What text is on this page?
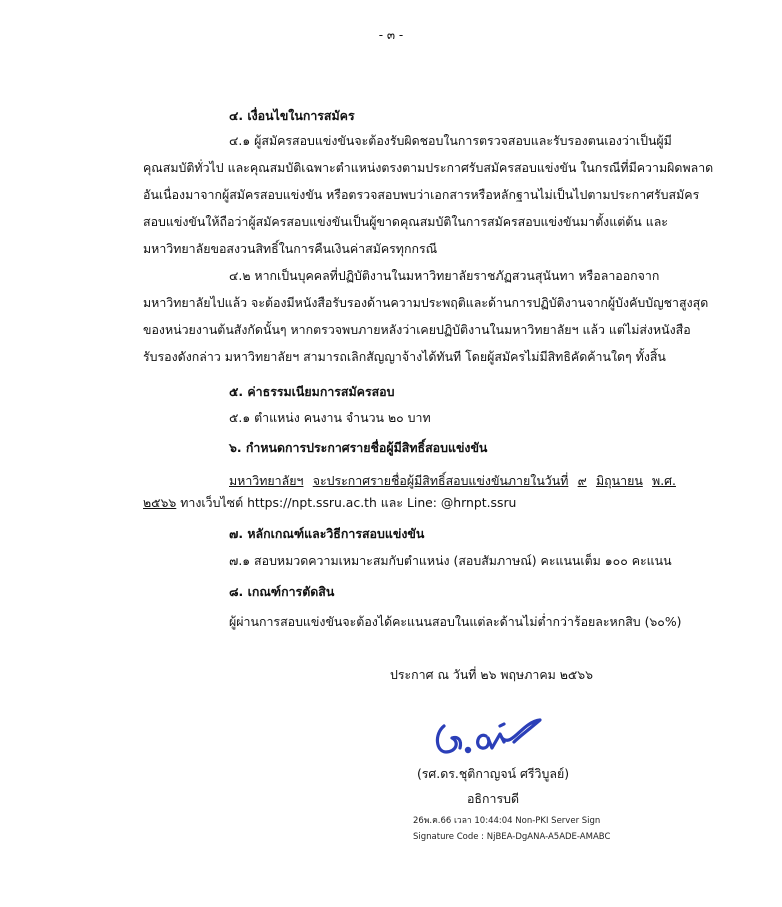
- ๓ -
๔. เงื่อนไขในการสมัคร
๔.๑ ผู้สมัครสอบแข่งขันจะต้องรับผิดชอบในการตรวจสอบและรับรองตนเองว่าเป็นผู้มี
คุณสมบัติทั่วไป และคุณสมบัติเฉพาะตำแหน่งตรงตามประกาศรับสมัครสอบแข่งขัน ในกรณีที่มีความผิดพลาด
อันเนื่องมาจากผู้สมัครสอบแข่งขัน หรือตรวจสอบพบว่าเอกสารหรือหลักฐานไม่เป็นไปตามประกาศรับสมัคร
สอบแข่งขันให้ถือว่าผู้สมัครสอบแข่งขันเป็นผู้ขาดคุณสมบัติในการสมัครสอบแข่งขันมาตั้งแต่ต้น และ
มหาวิทยาลัยขอสงวนสิทธิ์ในการคืนเงินค่าสมัครทุกกรณี
๔.๒ หากเป็นบุคคลที่ปฏิบัติงานในมหาวิทยาลัยราชภัฏสวนสุนันทา หรือลาออกจาก
มหาวิทยาลัยไปแล้ว จะต้องมีหนังสือรับรองด้านความประพฤติและด้านการปฏิบัติงานจากผู้บังคับบัญชาสูงสุด
ของหน่วยงานต้นสังกัดนั้นๆ หากตรวจพบภายหลังว่าเคยปฏิบัติงานในมหาวิทยาลัยฯ แล้ว แต่ไม่ส่งหนังสือ
รับรองดังกล่าว มหาวิทยาลัยฯ สามารถเลิกสัญญาจ้างได้ทันที โดยผู้สมัครไม่มีสิทธิคัดค้านใดๆ ทั้งสิ้น
๕. ค่าธรรมเนียมการสมัครสอบ
๕.๑ ตำแหน่ง คนงาน จำนวน ๒๐ บาท
๖. กำหนดการประกาศรายชื่อผู้มีสิทธิ์สอบแข่งขัน
มหาวิทยาลัยฯ จะประกาศรายชื่อผู้มีสิทธิ์สอบแข่งขันภายในวันที่ ๙ มิถุนายน พ.ศ.
๒๕๖๖ ทางเว็บไซต์ https://npt.ssru.ac.th และ Line: @hrnpt.ssru
๗. หลักเกณฑ์และวิธีการสอบแข่งขัน
๗.๑ สอบหมวดความเหมาะสมกับตำแหน่ง (สอบสัมภาษณ์) คะแนนเต็ม ๑๐๐ คะแนน
๘. เกณฑ์การตัดสิน
ผู้ผ่านการสอบแข่งขันจะต้องได้คะแนนสอบในแต่ละด้านไม่ต่ำกว่าร้อยละหกสิบ (๖๐%)
ประกาศ ณ วันที่ ๒๖ พฤษภาคม ๒๕๖๖
(รศ.ดร.ชุติกาญจน์ ศรีวิบูลย์)
อธิการบดี
26พ.ค.66 เวลา 10:44:04 Non-PKI Server Sign
Signature Code : NjBEA-DgANA-A5ADE-AMABC
